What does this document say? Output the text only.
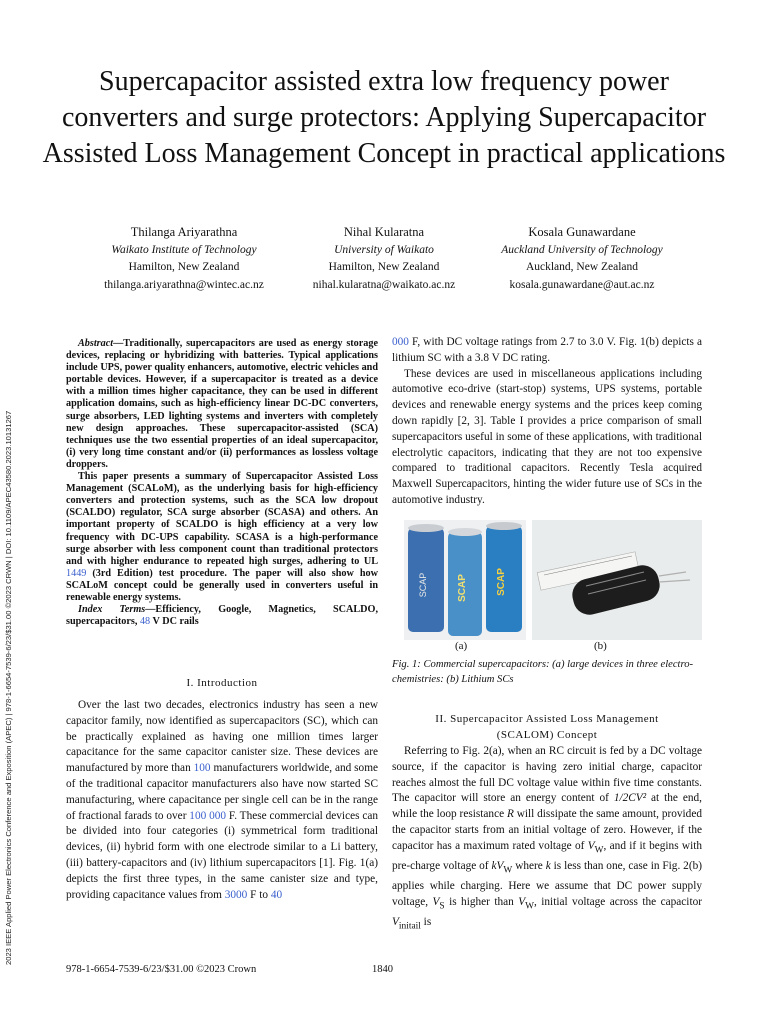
Supercapacitor assisted extra low frequency power converters and surge protectors: Applying Supercapacitor Assisted Loss Management Concept in practical applications
Thilanga Ariyarathna
Waikato Institute of Technology
Hamilton, New Zealand
thilanga.ariyarathna@wintec.ac.nz
Nihal Kularatna
University of Waikato
Hamilton, New Zealand
nihal.kularatna@waikato.ac.nz
Kosala Gunawardane
Auckland University of Technology
Auckland, New Zealand
kosala.gunawardane@aut.ac.nz
2023 IEEE Applied Power Electronics Conference and Exposition (APEC) | 978-1-6654-7539-6/23/$31.00 ©2023 CRWN | DOI: 10.1109/APEC43580.2023.10131267

Abstract—Traditionally, supercapacitors are used as energy storage devices, replacing or hybridizing with batteries. Typical applications include UPS, power quality enhancers, automotive, electric vehicles and portable devices. However, if a supercapacitor is treated as a device with a million times higher capacitance, they can be used in different application domains, such as high-efficiency linear DC-DC converters, surge absorbers, LED lighting systems and inverters with completely new design approaches. These supercapacitor-assisted (SCA) techniques use the two essential properties of an ideal supercapacitor, (i) very long time constant and/or (ii) performances as lossless voltage droppers.

This paper presents a summary of Supercapacitor Assisted Loss Management (SCALoM), as the underlying basis for high-efficiency converters and protection systems, such as the SCA low dropout (SCALDO) regulator, SCA surge absorber (SCASA) and others. An important property of SCALDO is high efficiency at a very low frequency with DC-UPS capability. SCASA is a high-performance surge absorber with less component count than traditional protectors and with higher endurance to repeated high surges, adhering to UL 1449 (3rd Edition) test procedure. The paper will also show how SCALoM concept could be generally used in converters useful in renewable energy systems.

Index Terms—Efficiency, Google, Magnetics, SCALDO, supercapacitors, 48 V DC rails

I. Introduction

Over the last two decades, electronics industry has seen a new capacitor family, now identified as supercapacitors (SC), which can be practically explained as having one million times larger capacitance for the same capacitor canister size. These devices are manufactured by more than 100 manufacturers worldwide, and some of the traditional capacitor manufacturers also have now started SC manufacturing, where capacitance per single cell can be in the range of fractional farads to over 100 000 F. These commercial devices can be divided into four categories (i) symmetrical form traditional devices, (ii) hybrid form with one electrode similar to a Li battery, (iii) battery-capacitors and (iv) lithium supercapacitors [1]. Fig. 1(a) depicts the first three types, in the same canister size and type, providing capacitance values from 3000 F to 40

000 F, with DC voltage ratings from 2.7 to 3.0 V. Fig. 1(b) depicts a lithium SC with a 3.8 V DC rating.

These devices are used in miscellaneous applications including automotive eco-drive (start-stop) systems, UPS systems, portable devices and renewable energy systems and the prices keep coming down rapidly [2, 3]. Table I provides a price comparison of small supercapacitors useful in some of these applications, with traditional electrolytic capacitors, indicating that they are not too expensive compared to traditional capacitors. Recently Tesla acquired Maxwell Supercapacitors, hinting the wider future use of SCs in the automotive industry.

SCAP	SCAP	SCAP
(a)	(b)
Fig. 1: Commercial supercapacitors: (a) large devices in three electro-chemistries: (b) Lithium SCs
II. Supercapacitor Assisted Loss Management
(SCALOM) Concept

Referring to Fig. 2(a), when an RC circuit is fed by a DC voltage source, if the capacitor is having zero initial charge, capacitor reaches almost the full DC voltage value within five time constants. The capacitor will store an energy content of 1/2CV² at the end, while the loop resistance R will dissipate the same amount, provided the capacitor starts from an initial voltage of zero. However, if the capacitor has a maximum rated voltage of $V_W$, and if it begins with pre-charge voltage of $kV_W$ where k is less than one, case in Fig. 2(b) applies while charging. Here we assume that DC power supply voltage, $V_S$ is higher than $V_W$, initial voltage across the capacitor $V_{initail}$ is

978-1-6654-7539-6/23/$31.00 ©2023 Crown	1840
